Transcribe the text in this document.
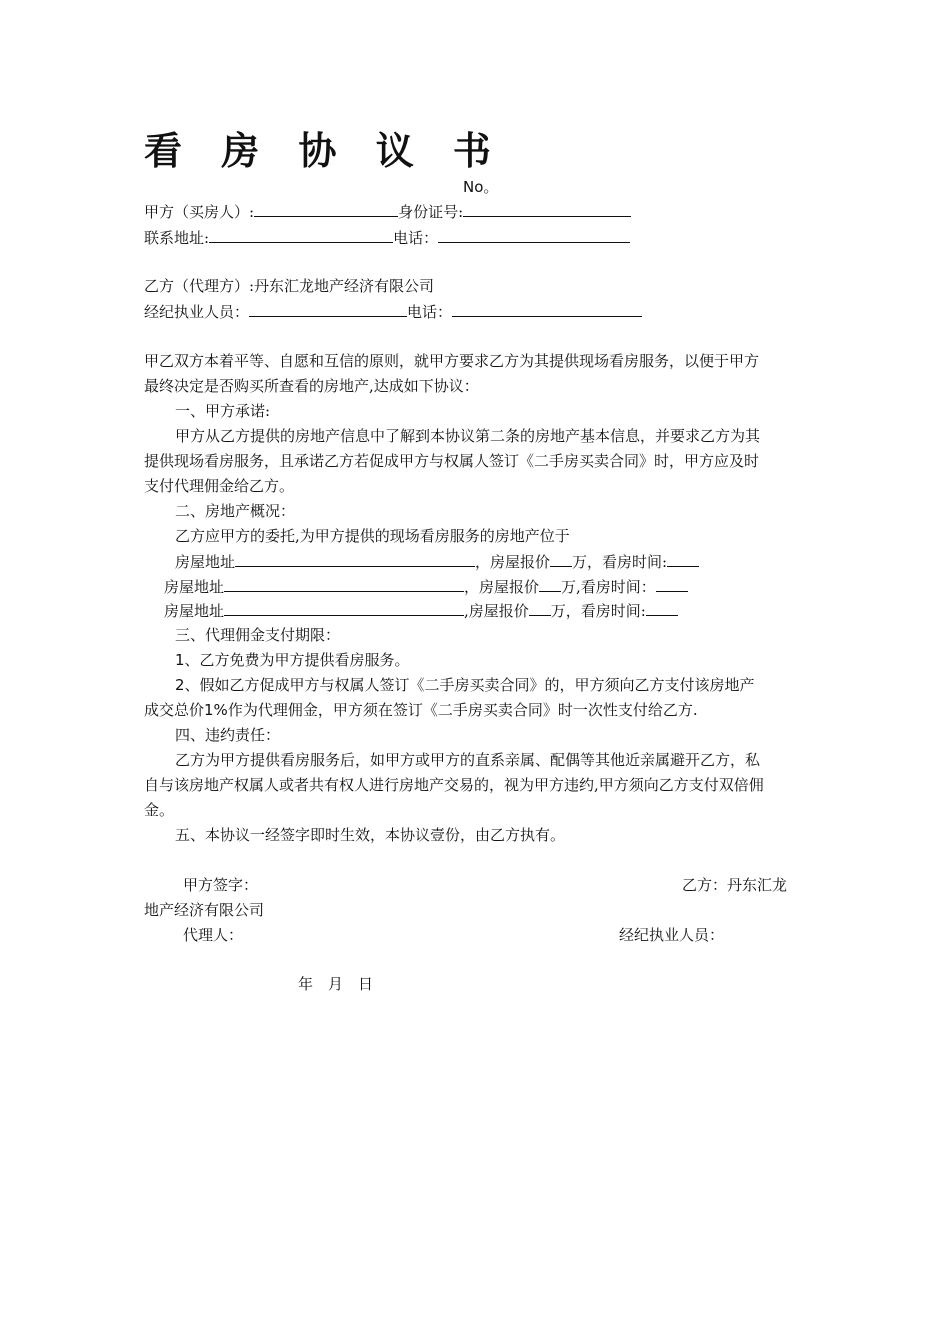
看 房 协 议 书
No。
甲方（买房人）:	身份证号:
联系地址:	电话：
乙方（代理方）:丹东汇龙地产经济有限公司
经纪执业人员：	电话：
甲乙双方本着平等、自愿和互信的原则，就甲方要求乙方为其提供现场看房服务，以便于甲方
最终决定是否购买所查看的房地产,达成如下协议：
一、甲方承诺:
甲方从乙方提供的房地产信息中了解到本协议第二条的房地产基本信息，并要求乙方为其
提供现场看房服务，且承诺乙方若促成甲方与权属人签订《二手房买卖合同》时，甲方应及时
支付代理佣金给乙方。
二、房地产概况：
乙方应甲方的委托,为甲方提供的现场看房服务的房地产位于
房屋地址	，房屋报价 万，看房时间:
房屋地址	，房屋报价 万,看房时间：
房屋地址	,房屋报价 万，看房时间:
三、代理佣金支付期限：
1、乙方免费为甲方提供看房服务。
2、假如乙方促成甲方与权属人签订《二手房买卖合同》的，甲方须向乙方支付该房地产
成交总价1%作为代理佣金，甲方须在签订《二手房买卖合同》时一次性支付给乙方.
四、违约责任：
乙方为甲方提供看房服务后，如甲方或甲方的直系亲属、配偶等其他近亲属避开乙方，私
自与该房地产权属人或者共有权人进行房地产交易的，视为甲方违约,甲方须向乙方支付双倍佣
金。
五、本协议一经签字即时生效，本协议壹份，由乙方执有。
甲方签字：	乙方：丹东汇龙
地产经济有限公司
代理人：	经纪执业人员：
年　月　日
